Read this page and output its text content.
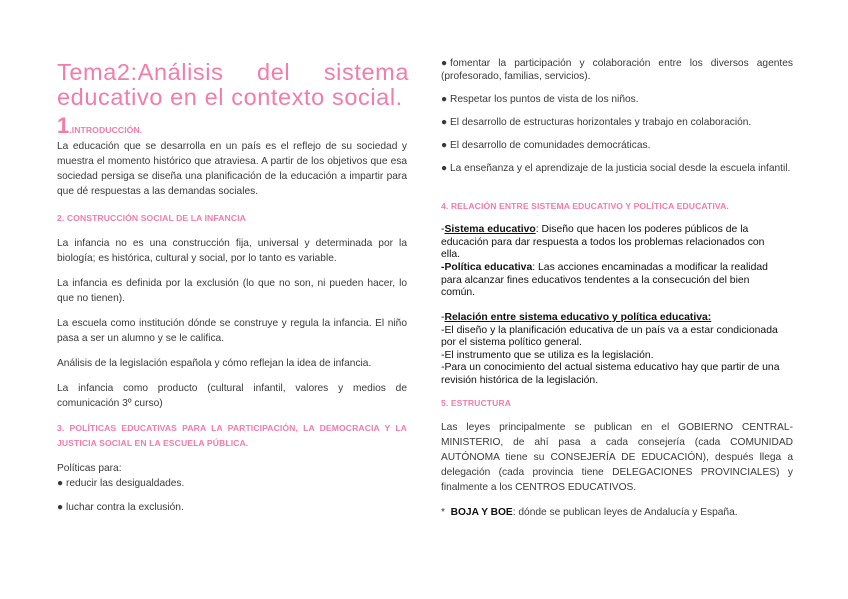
Tema2:Análisis del sistema
educativo en el contexto social.
1.INTRODUCCIÓN.
La educación que se desarrolla en un país es el reflejo de su sociedad y muestra el momento histórico que atraviesa. A partir de los objetivos que esa sociedad persiga se diseña una planificación de la educación a impartir para que dé respuestas a las demandas sociales.
2. CONSTRUCCIÓN SOCIAL DE LA INFANCIA
La infancia no es una construcción fija, universal y determinada por la biología; es histórica, cultural y social, por lo tanto es variable.
La infancia es definida por la exclusión (lo que no son, ni pueden hacer, lo que no tienen).
La escuela como institución dónde se construye y regula la infancia. El niño pasa a ser un alumno y se le califica.
Análisis de la legislación española y cómo reflejan la idea de infancia.
La infancia como producto (cultural infantil, valores y medios de comunicación 3º curso)
3. POLÍTICAS EDUCATIVAS PARA LA PARTICIPACIÓN, LA DEMOCRACIA Y LA
JUSTICIA SOCIAL EN LA ESCUELA PÚBLICA.
Políticas para:
● reducir las desigualdades.
● luchar contra la exclusión.
● fomentar la participación y colaboración entre los diversos agentes (profesorado, familias, servicios).
● Respetar los puntos de vista de los niños.
● El desarrollo de estructuras horizontales y trabajo en colaboración.
● El desarrollo de comunidades democráticas.
● La enseñanza y el aprendizaje de la justicia social desde la escuela infantil.
4. RELACIÓN ENTRE SISTEMA EDUCATIVO Y POLÍTICA EDUCATIVA.
-Sistema educativo: Diseño que hacen los poderes públicos de la educación para dar respuesta a todos los problemas relacionados con ella.
-Política educativa: Las acciones encaminadas a modificar la realidad para alcanzar fines educativos tendentes a la consecución del bien común.
-Relación entre sistema educativo y política educativa:
-El diseño y la planificación educativa de un país va a estar condicionada por el sistema político general.
-El instrumento que se utiliza es la legislación.
-Para un conocimiento del actual sistema educativo hay que partir de una revisión histórica de la legislación.
5. ESTRUCTURA
Las leyes principalmente se publican en el GOBIERNO CENTRAL-MINISTERIO, de ahí pasa a cada consejería (cada COMUNIDAD AUTÓNOMA tiene su CONSEJERÍA DE EDUCACIÓN), después llega a delegación (cada provincia tiene DELEGACIONES PROVINCIALES) y finalmente a los CENTROS EDUCATIVOS.
* BOJA Y BOE: dónde se publican leyes de Andalucía y España.
